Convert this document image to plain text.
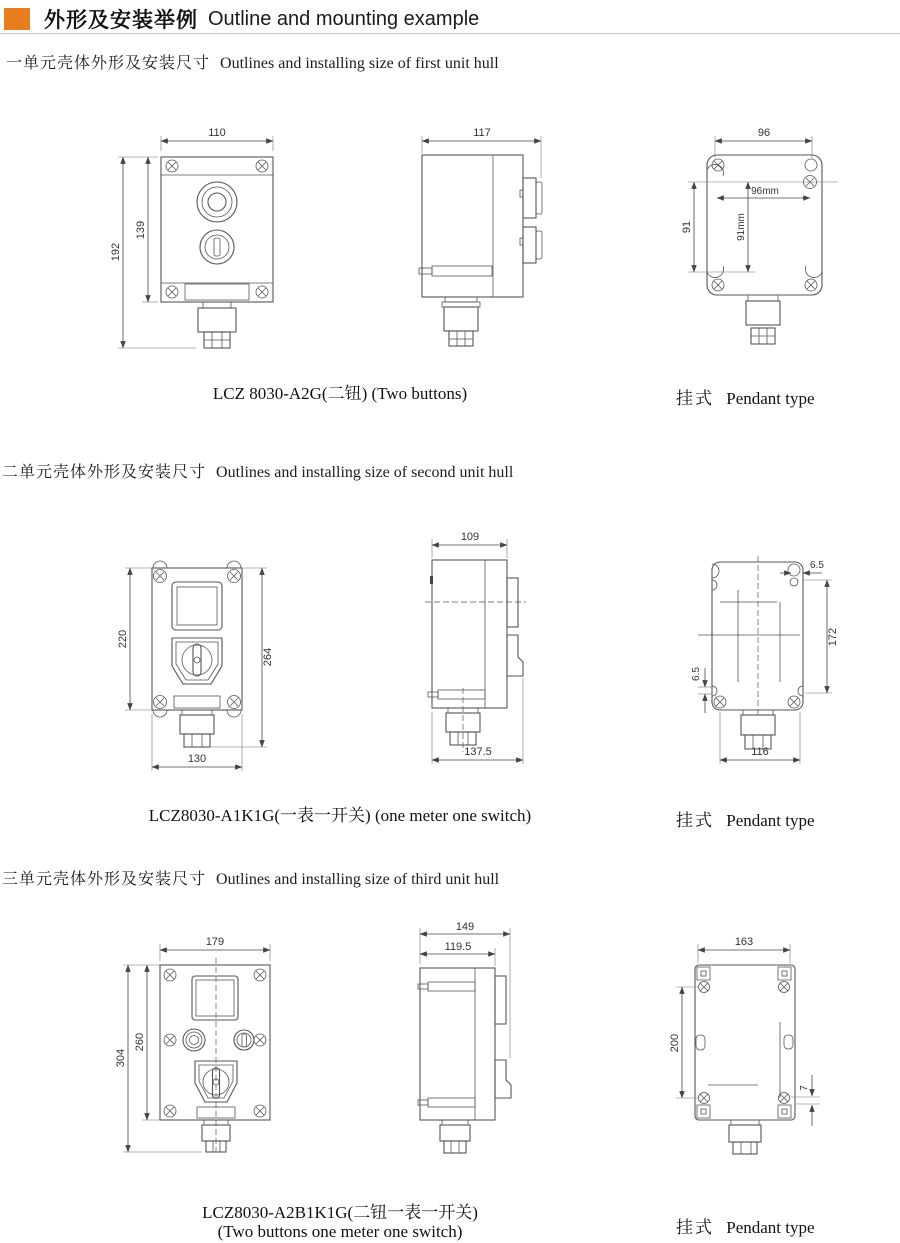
外形及安装举例 Outline and mounting example
一单元壳体外形及安装尺寸 Outlines and installing size of first unit hull
110
192
139
117	96
91
96mm
91mm
LCZ 8030-A2G(二钮) (Two buttons)	挂式 Pendant type
二单元壳体外形及安装尺寸 Outlines and installing size of second unit hull
220
264
130
109
137.5
6.5
172
6.5
116
LCZ8030-A1K1G(一表一开关) (one meter one switch)	挂式 Pendant type
三单元壳体外形及安装尺寸 Outlines and installing size of third unit hull
179
304
260
149
119.5	163
200
7
LCZ8030-A2B1K1G(二钮一表一开关)
(Two buttons one meter one switch)	挂式 Pendant type
